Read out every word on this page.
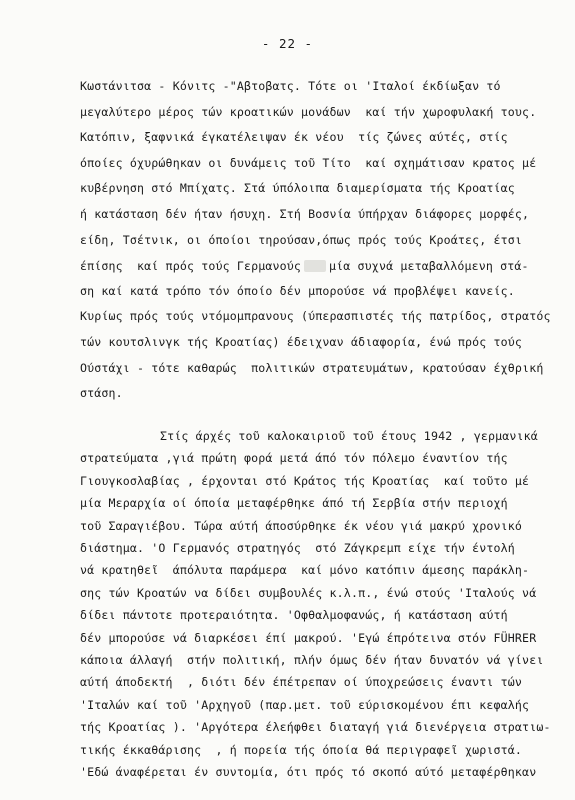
- 22 -
Κωστάνιτσα - Κόνιτς -"Αβτοβατς. Τότε οι 'Ιταλοί έκδίωξαν τό
μεγαλύτερο μέρος τών κροατικών μονάδων  καί τήν χωροφυλακή τους.
Κατόπιν, ξαφνικά έγκατέλειψαν έκ νέου  τίς ζώνες αύτές, στίς
όποίες όχυρώθηκαν οι δυνάμεις τοῦ Τίτο  καί σχημάτισαν κρατος μέ
κυβέρνηση στό Μπίχατς. Στά ύπόλοιπα διαμερίσματα τής Κροατίας
ή κατάσταση δέν ήταν ήσυχη. Στή Βοσνία ύπήρχαν διάφορες μορφές,
είδη, Τσέτνικ, οι όποίοι τηρούσαν,όπως πρός τούς Κροάτες, έτσι
έπίσης  καί πρός τούς Γερμανούς μία συχνά μεταβαλλόμενη στά-
ση καί κατά τρόπο τόν όποίο δέν μπορούσε νά προβλέψει κανείς.
Κυρίως πρός τούς ντόμομπρανους (ύπερασπιστές τής πατρίδος, στρατός
τών κουτσλινγκ τής Κροατίας) έδειχναν άδιαφορία, ένώ πρός τούς
Ούστάχι - τότε καθαρώς  πολιτικών στρατευμάτων, κρατούσαν έχθρική
στάση.
Στίς άρχές τοῦ καλοκαιριοῦ τοῦ έτους 1942 , γερμανικά
στρατεύματα ,γιά πρώτη φορά μετά άπό τόν πόλεμο έναντίον τής
Γιουγκοσλαβίας , έρχονται στό Κράτος τής Κροατίας  καί τοῦτο μέ
μία Μεραρχία οί όποία μεταφέρθηκε άπό τή Σερβία στήν περιοχή
τοῦ Σαραγιέβου. Τώρα αύτή άποσύρθηκε έκ νέου γιά μακρύ χρονικό
διάστημα. 'Ο Γερμανός στρατηγός  στό Ζάγκρεμπ είχε τήν έντολή
νά κρατηθεῖ  άπόλυτα παράμερα  καί μόνο κατόπιν άμεσης παράκλη-
σης τών Κροατών να δίδει συμβουλές κ.λ.π., ένώ στούς 'Ιταλούς νά
δίδει πάντοτε προτεραιότητα. 'Οφθαλμοφανώς, ή κατάσταση αύτή
δέν μπορούσε νά διαρκέσει έπί μακρού. 'Εγώ έπρότεινα στόν FÜHRER
κάποια άλλαγή  στήν πολιτική, πλήν όμως δέν ήταν δυνατόν νά γίνει
αύτή άποδεκτή  , διότι δέν έπέτρεπαν οί ύποχρεώσεις έναντι τών
'Ιταλών καί τοῦ 'Αρχηγοῦ (παρ.μετ. τοῦ εύρισκομένου έπι κεφαλής
τής Κροατίας ). 'Αργότερα έλεήφθει διαταγή γιά διενέργεια στρατιω-
τικής έκκαθάρισης  , ή πορεία τής όποία θά περιγραφεῖ χωριστά.
'Εδώ άναφέρεται έν συντομία, ότι πρός τό σκοπό αύτό μεταφέρθηκαν
